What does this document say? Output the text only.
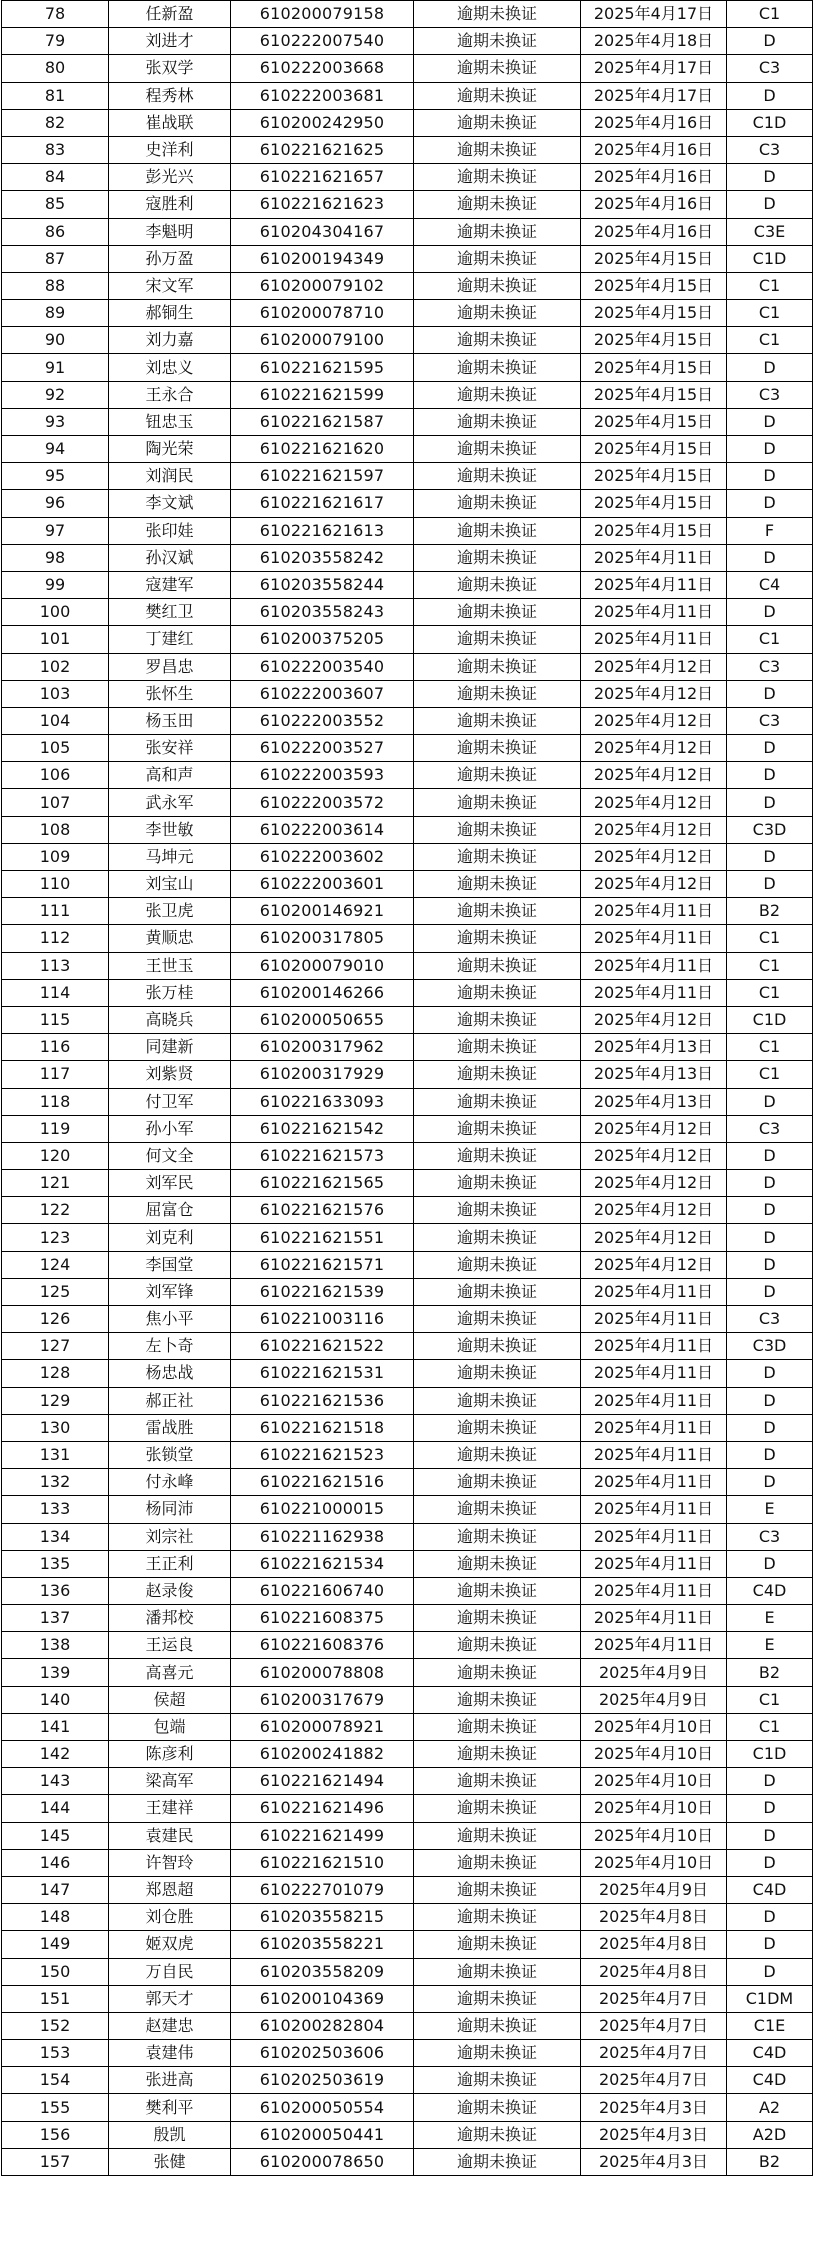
78	任新盈	610200079158	逾期未换证	2025年4月17日	C1
79	刘进才	610222007540	逾期未换证	2025年4月18日	D
80	张双学	610222003668	逾期未换证	2025年4月17日	C3
81	程秀林	610222003681	逾期未换证	2025年4月17日	D
82	崔战联	610200242950	逾期未换证	2025年4月16日	C1D
83	史洋利	610221621625	逾期未换证	2025年4月16日	C3
84	彭光兴	610221621657	逾期未换证	2025年4月16日	D
85	寇胜利	610221621623	逾期未换证	2025年4月16日	D
86	李魁明	610204304167	逾期未换证	2025年4月16日	C3E
87	孙万盈	610200194349	逾期未换证	2025年4月15日	C1D
88	宋文军	610200079102	逾期未换证	2025年4月15日	C1
89	郝铜生	610200078710	逾期未换证	2025年4月15日	C1
90	刘力嘉	610200079100	逾期未换证	2025年4月15日	C1
91	刘忠义	610221621595	逾期未换证	2025年4月15日	D
92	王永合	610221621599	逾期未换证	2025年4月15日	C3
93	钮忠玉	610221621587	逾期未换证	2025年4月15日	D
94	陶光荣	610221621620	逾期未换证	2025年4月15日	D
95	刘润民	610221621597	逾期未换证	2025年4月15日	D
96	李文斌	610221621617	逾期未换证	2025年4月15日	D
97	张印娃	610221621613	逾期未换证	2025年4月15日	F
98	孙汉斌	610203558242	逾期未换证	2025年4月11日	D
99	寇建军	610203558244	逾期未换证	2025年4月11日	C4
100	樊红卫	610203558243	逾期未换证	2025年4月11日	D
101	丁建红	610200375205	逾期未换证	2025年4月11日	C1
102	罗昌忠	610222003540	逾期未换证	2025年4月12日	C3
103	张怀生	610222003607	逾期未换证	2025年4月12日	D
104	杨玉田	610222003552	逾期未换证	2025年4月12日	C3
105	张安祥	610222003527	逾期未换证	2025年4月12日	D
106	高和声	610222003593	逾期未换证	2025年4月12日	D
107	武永军	610222003572	逾期未换证	2025年4月12日	D
108	李世敏	610222003614	逾期未换证	2025年4月12日	C3D
109	马坤元	610222003602	逾期未换证	2025年4月12日	D
110	刘宝山	610222003601	逾期未换证	2025年4月12日	D
111	张卫虎	610200146921	逾期未换证	2025年4月11日	B2
112	黄顺忠	610200317805	逾期未换证	2025年4月11日	C1
113	王世玉	610200079010	逾期未换证	2025年4月11日	C1
114	张万桂	610200146266	逾期未换证	2025年4月11日	C1
115	高晓兵	610200050655	逾期未换证	2025年4月12日	C1D
116	同建新	610200317962	逾期未换证	2025年4月13日	C1
117	刘紫贤	610200317929	逾期未换证	2025年4月13日	C1
118	付卫军	610221633093	逾期未换证	2025年4月13日	D
119	孙小军	610221621542	逾期未换证	2025年4月12日	C3
120	何文全	610221621573	逾期未换证	2025年4月12日	D
121	刘军民	610221621565	逾期未换证	2025年4月12日	D
122	屈富仓	610221621576	逾期未换证	2025年4月12日	D
123	刘克利	610221621551	逾期未换证	2025年4月12日	D
124	李国堂	610221621571	逾期未换证	2025年4月12日	D
125	刘军锋	610221621539	逾期未换证	2025年4月11日	D
126	焦小平	610221003116	逾期未换证	2025年4月11日	C3
127	左卜奇	610221621522	逾期未换证	2025年4月11日	C3D
128	杨忠战	610221621531	逾期未换证	2025年4月11日	D
129	郝正社	610221621536	逾期未换证	2025年4月11日	D
130	雷战胜	610221621518	逾期未换证	2025年4月11日	D
131	张锁堂	610221621523	逾期未换证	2025年4月11日	D
132	付永峰	610221621516	逾期未换证	2025年4月11日	D
133	杨同沛	610221000015	逾期未换证	2025年4月11日	E
134	刘宗社	610221162938	逾期未换证	2025年4月11日	C3
135	王正利	610221621534	逾期未换证	2025年4月11日	D
136	赵录俊	610221606740	逾期未换证	2025年4月11日	C4D
137	潘邦校	610221608375	逾期未换证	2025年4月11日	E
138	王运良	610221608376	逾期未换证	2025年4月11日	E
139	高喜元	610200078808	逾期未换证	2025年4月9日	B2
140	侯超	610200317679	逾期未换证	2025年4月9日	C1
141	包端	610200078921	逾期未换证	2025年4月10日	C1
142	陈彦利	610200241882	逾期未换证	2025年4月10日	C1D
143	梁高军	610221621494	逾期未换证	2025年4月10日	D
144	王建祥	610221621496	逾期未换证	2025年4月10日	D
145	袁建民	610221621499	逾期未换证	2025年4月10日	D
146	许智玲	610221621510	逾期未换证	2025年4月10日	D
147	郑恩超	610222701079	逾期未换证	2025年4月9日	C4D
148	刘仓胜	610203558215	逾期未换证	2025年4月8日	D
149	姬双虎	610203558221	逾期未换证	2025年4月8日	D
150	万自民	610203558209	逾期未换证	2025年4月8日	D
151	郭天才	610200104369	逾期未换证	2025年4月7日	C1DM
152	赵建忠	610200282804	逾期未换证	2025年4月7日	C1E
153	袁建伟	610202503606	逾期未换证	2025年4月7日	C4D
154	张进高	610202503619	逾期未换证	2025年4月7日	C4D
155	樊利平	610200050554	逾期未换证	2025年4月3日	A2
156	殷凯	610200050441	逾期未换证	2025年4月3日	A2D
157	张健	610200078650	逾期未换证	2025年4月3日	B2
